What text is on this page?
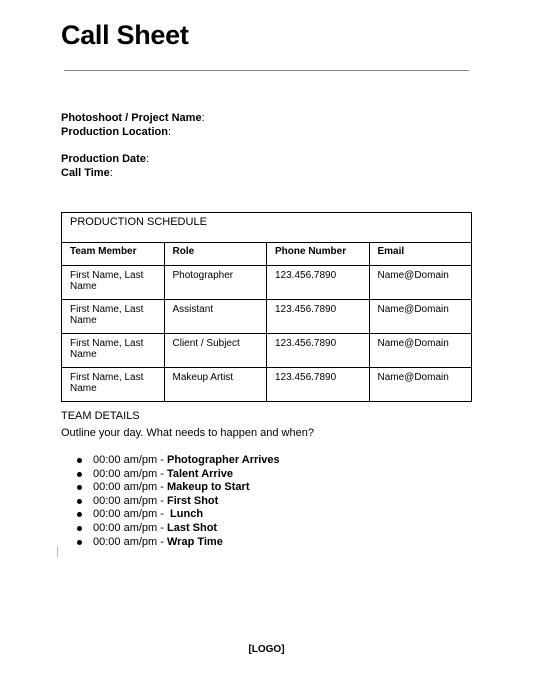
Call Sheet
Photoshoot / Project Name:
Production Location:
Production Date:
Call Time:
PRODUCTION SCHEDULE			
Team Member	Role	Phone Number	Email
First Name, Last Name	Photographer	123.456.7890	Name@Domain
First Name, Last Name	Assistant	123.456.7890	Name@Domain
First Name, Last Name	Client / Subject	123.456.7890	Name@Domain
First Name, Last Name	Makeup Artist	123.456.7890	Name@Domain
TEAM DETAILS
Outline your day. What needs to happen and when?
00:00 am/pm - Photographer Arrives
00:00 am/pm - Talent Arrive
00:00 am/pm - Makeup to Start
00:00 am/pm - First Shot
00:00 am/pm -  Lunch
00:00 am/pm - Last Shot
00:00 am/pm - Wrap Time
[LOGO]
